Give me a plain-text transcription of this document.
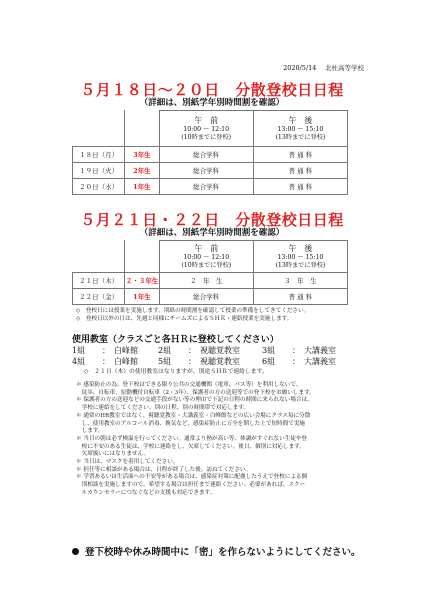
2020/5/14　 北杜高等学校
５月１８日～２０日　分散登校日日程
（詳細は、別紙学年別時間割を確認）

		午　前
10:00 ～ 12:10
(10時までに登校)	午　後
13:00 ～ 15:10
(13時までに登校)

１８日（月）	3年生	総合学科	普 通 科
１９日（火）	2年生	総合学科	普 通 科
２０日（水）	1年生	総合学科	普 通 科
５月２１日・２２日　分散登校日日程
（詳細は、別紙学年別時間割を確認）

		午　前
10:00 ～ 12:10
(10時までに登校)	午　後
13:00 ～ 15:10
(13時までに登校)

２１日（木）	２・３年生	２　年　生	３　年　生
２２日（金）	1年生	総合学科	普 通 科
◇　登校日には授業を実施します。別紙の時間割を確認して授業の準備をしてきてください。
◇　登校日以外の日は、先週と同様にチームズによるＳＨＲ・連絡授業を実施します。
使用教室（クラスごと各ＨＲに登校してください）
1組	：　白峰館	2組	：　視聴覚教室	3組	：　大講義室
4組	：　白峰館	5組	：　視聴覚教室	6組	：　大講義室
◇　２１日（木）の使用教室はなりますが、別途ＳＨＲで連絡します。

＊ 感染防止の為、登下校はできる限り公共の交通機関（電車、バス等）を利用しないで、

　徒歩、自転車、原動機付自転車（2・3年）、保護者の方の送迎等での登下校をお願いします。

＊ 保護者の方の送迎などの交通手段がない等の理由で下記の日程の時間に来られない場合は、

　学校に連絡をしてください。別の日程、別の時間帯で対応します。

＊ 通常のHR教室ではなく、視聴覚教室・大講義室・白峰館などの広い会場にクラス毎に分散

　し、使用教室のアルコール消毒、換気など、感染症防止に万全を期した上で短時間で実施

　します。

＊ 当日の朝は必ず検温を行ってください。通常より熱が高い等、体調がすぐれない生徒や登

　校に不安のある生徒は、学校に連絡をし、欠席してください。後日、個別に対応します。

　欠席扱いにはなりません。

＊ 当日は、マスクを着用してください。

＊ 担任等に相談がある場合は、日程が終了した後、訪ねてください。

＊ 学習あるいは生活面への不安等がある場合は、感染症対策に配慮したうえで登校による個

　別相談を実施しますので、希望する場合は担任まで連絡ください。必要があれば、スクー

　ルカウンセラーにつなぐなどの支援も対応できます。

登下校時や休み時間中に「密」を作らないようにしてください。
